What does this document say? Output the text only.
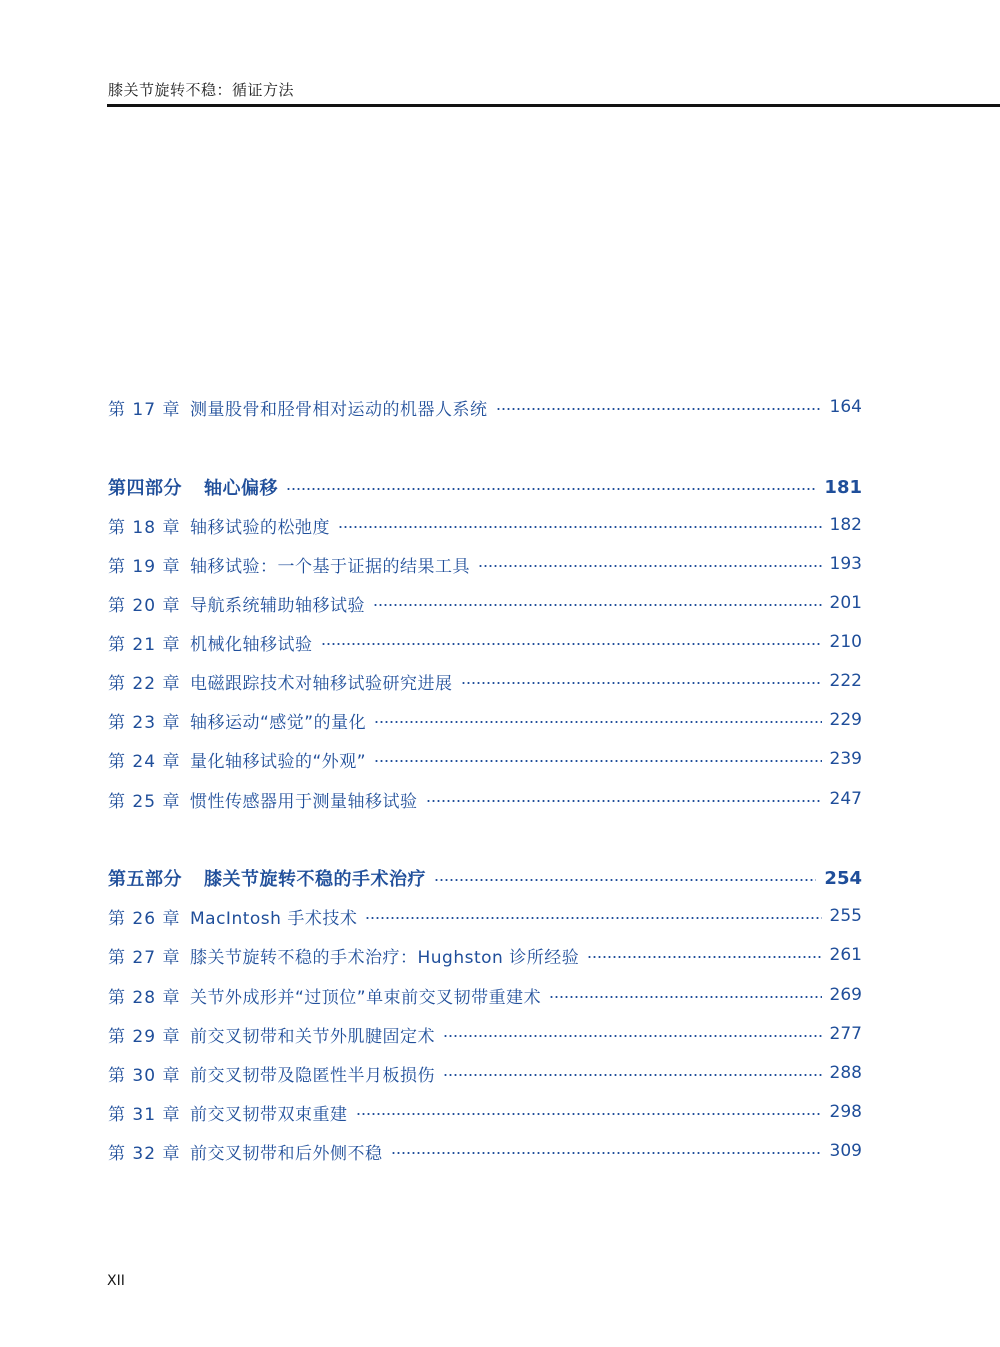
膝关节旋转不稳：循证方法
第 17 章 测量股骨和胫骨相对运动的机器人系统	164
第四部分	轴心偏移	181
第 18 章 轴移试验的松弛度	182
第 19 章 轴移试验：一个基于证据的结果工具	193
第 20 章 导航系统辅助轴移试验	201
第 21 章 机械化轴移试验	210
第 22 章 电磁跟踪技术对轴移试验研究进展	222
第 23 章 轴移运动“感觉”的量化	229
第 24 章 量化轴移试验的“外观”	239
第 25 章 惯性传感器用于测量轴移试验	247
第五部分	膝关节旋转不稳的手术治疗	254
第 26 章 MacIntosh 手术技术	255
第 27 章 膝关节旋转不稳的手术治疗：Hughston 诊所经验	261
第 28 章 关节外成形并“过顶位”单束前交叉韧带重建术	269
第 29 章 前交叉韧带和关节外肌腱固定术	277
第 30 章 前交叉韧带及隐匿性半月板损伤	288
第 31 章 前交叉韧带双束重建	298
第 32 章 前交叉韧带和后外侧不稳	309
XII
